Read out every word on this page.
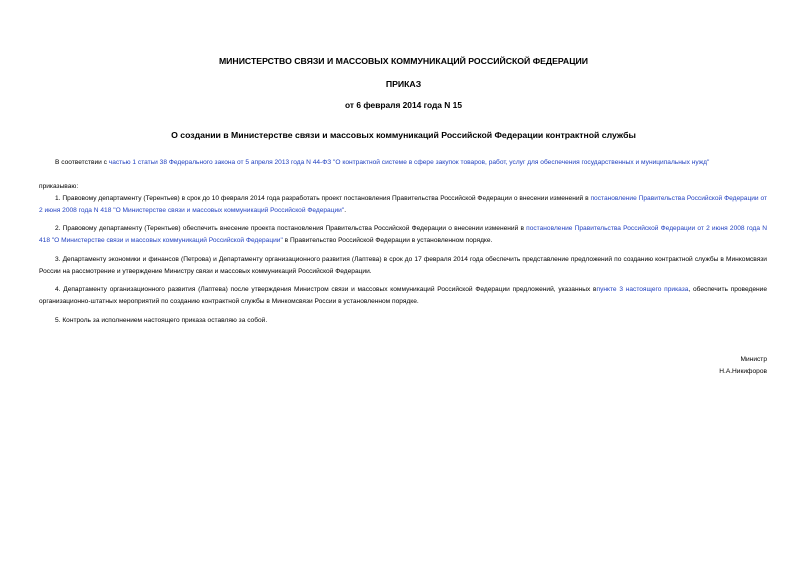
МИНИСТЕРСТВО СВЯЗИ И МАССОВЫХ КОММУНИКАЦИЙ РОССИЙСКОЙ ФЕДЕРАЦИИ
ПРИКАЗ
от 6 февраля 2014 года N 15
О создании в Министерстве связи и массовых коммуникаций Российской Федерации контрактной службы
В соответствии с частью 1 статьи 38 Федерального закона от 5 апреля 2013 года N 44-ФЗ "О контрактной системе в сфере закупок товаров, работ, услуг для обеспечения государственных и муниципальных нужд"
приказываю:
1. Правовому департаменту (Терентьев) в срок до 10 февраля 2014 года разработать проект постановления Правительства Российской Федерации о внесении изменений в постановление Правительства Российской Федерации от 2 июня 2008 года N 418 "О Министерстве связи и массовых коммуникаций Российской Федерации".
2. Правовому департаменту (Терентьев) обеспечить внесение проекта постановления Правительства Российской Федерации о внесении изменений в постановление Правительства Российской Федерации от 2 июня 2008 года N 418 "О Министерстве связи и массовых коммуникаций Российской Федерации" в Правительство Российской Федерации в установленном порядке.
3. Департаменту экономики и финансов (Петрова) и Департаменту организационного развития (Лаптева) в срок до 17 февраля 2014 года обеспечить представление предложений по созданию контрактной службы в Минкомсвязи России на рассмотрение и утверждение Министру связи и массовых коммуникаций Российской Федерации.
4. Департаменту организационного развития (Лаптева) после утверждения Министром связи и массовых коммуникаций Российской Федерации предложений, указанных впункте 3 настоящего приказа, обеспечить проведение организационно-штатных мероприятий по созданию контрактной службы в Минкомсвязи России в установленном порядке.
5. Контроль за исполнением настоящего приказа оставляю за собой.
Министр
Н.А.Никифоров
